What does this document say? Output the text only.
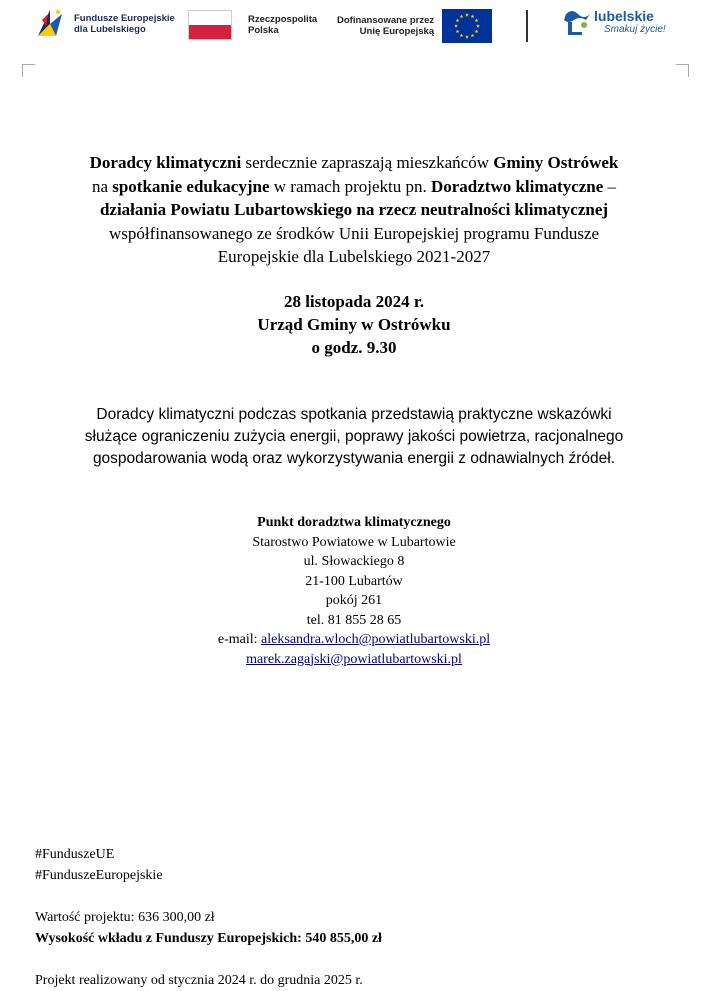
Fundusze Europejskie
dla Lubelskiego
Rzeczpospolita
Polska
Dofinansowane przez
Unię Europejską
lubelskie
Smakuj życie!
Doradcy klimatyczni serdecznie zapraszają mieszkańców Gminy Ostrówek
na spotkanie edukacyjne w ramach projektu pn. Doradztwo klimatyczne –
działania Powiatu Lubartowskiego na rzecz neutralności klimatycznej
współfinansowanego ze środków Unii Europejskiej programu Fundusze
Europejskie dla Lubelskiego 2021-2027
28 listopada 2024 r.
Urząd Gminy w Ostrówku
o godz. 9.30
Doradcy klimatyczni podczas spotkania przedstawią praktyczne wskazówki
służące ograniczeniu zużycia energii, poprawy jakości powietrza, racjonalnego
gospodarowania wodą oraz wykorzystywania energii z odnawialnych źródeł.
Punkt doradztwa klimatycznego
Starostwo Powiatowe w Lubartowie
ul. Słowackiego 8
21-100 Lubartów
pokój 261
tel. 81 855 28 65
e-mail: aleksandra.wloch@powiatlubartowski.pl
marek.zagajski@powiatlubartowski.pl
#FunduszeUE
#FunduszeEuropejskie
Wartość projektu: 636 300,00 zł
Wysokość wkładu z Funduszy Europejskich: 540 855,00 zł
Projekt realizowany od stycznia 2024 r. do grudnia 2025 r.
